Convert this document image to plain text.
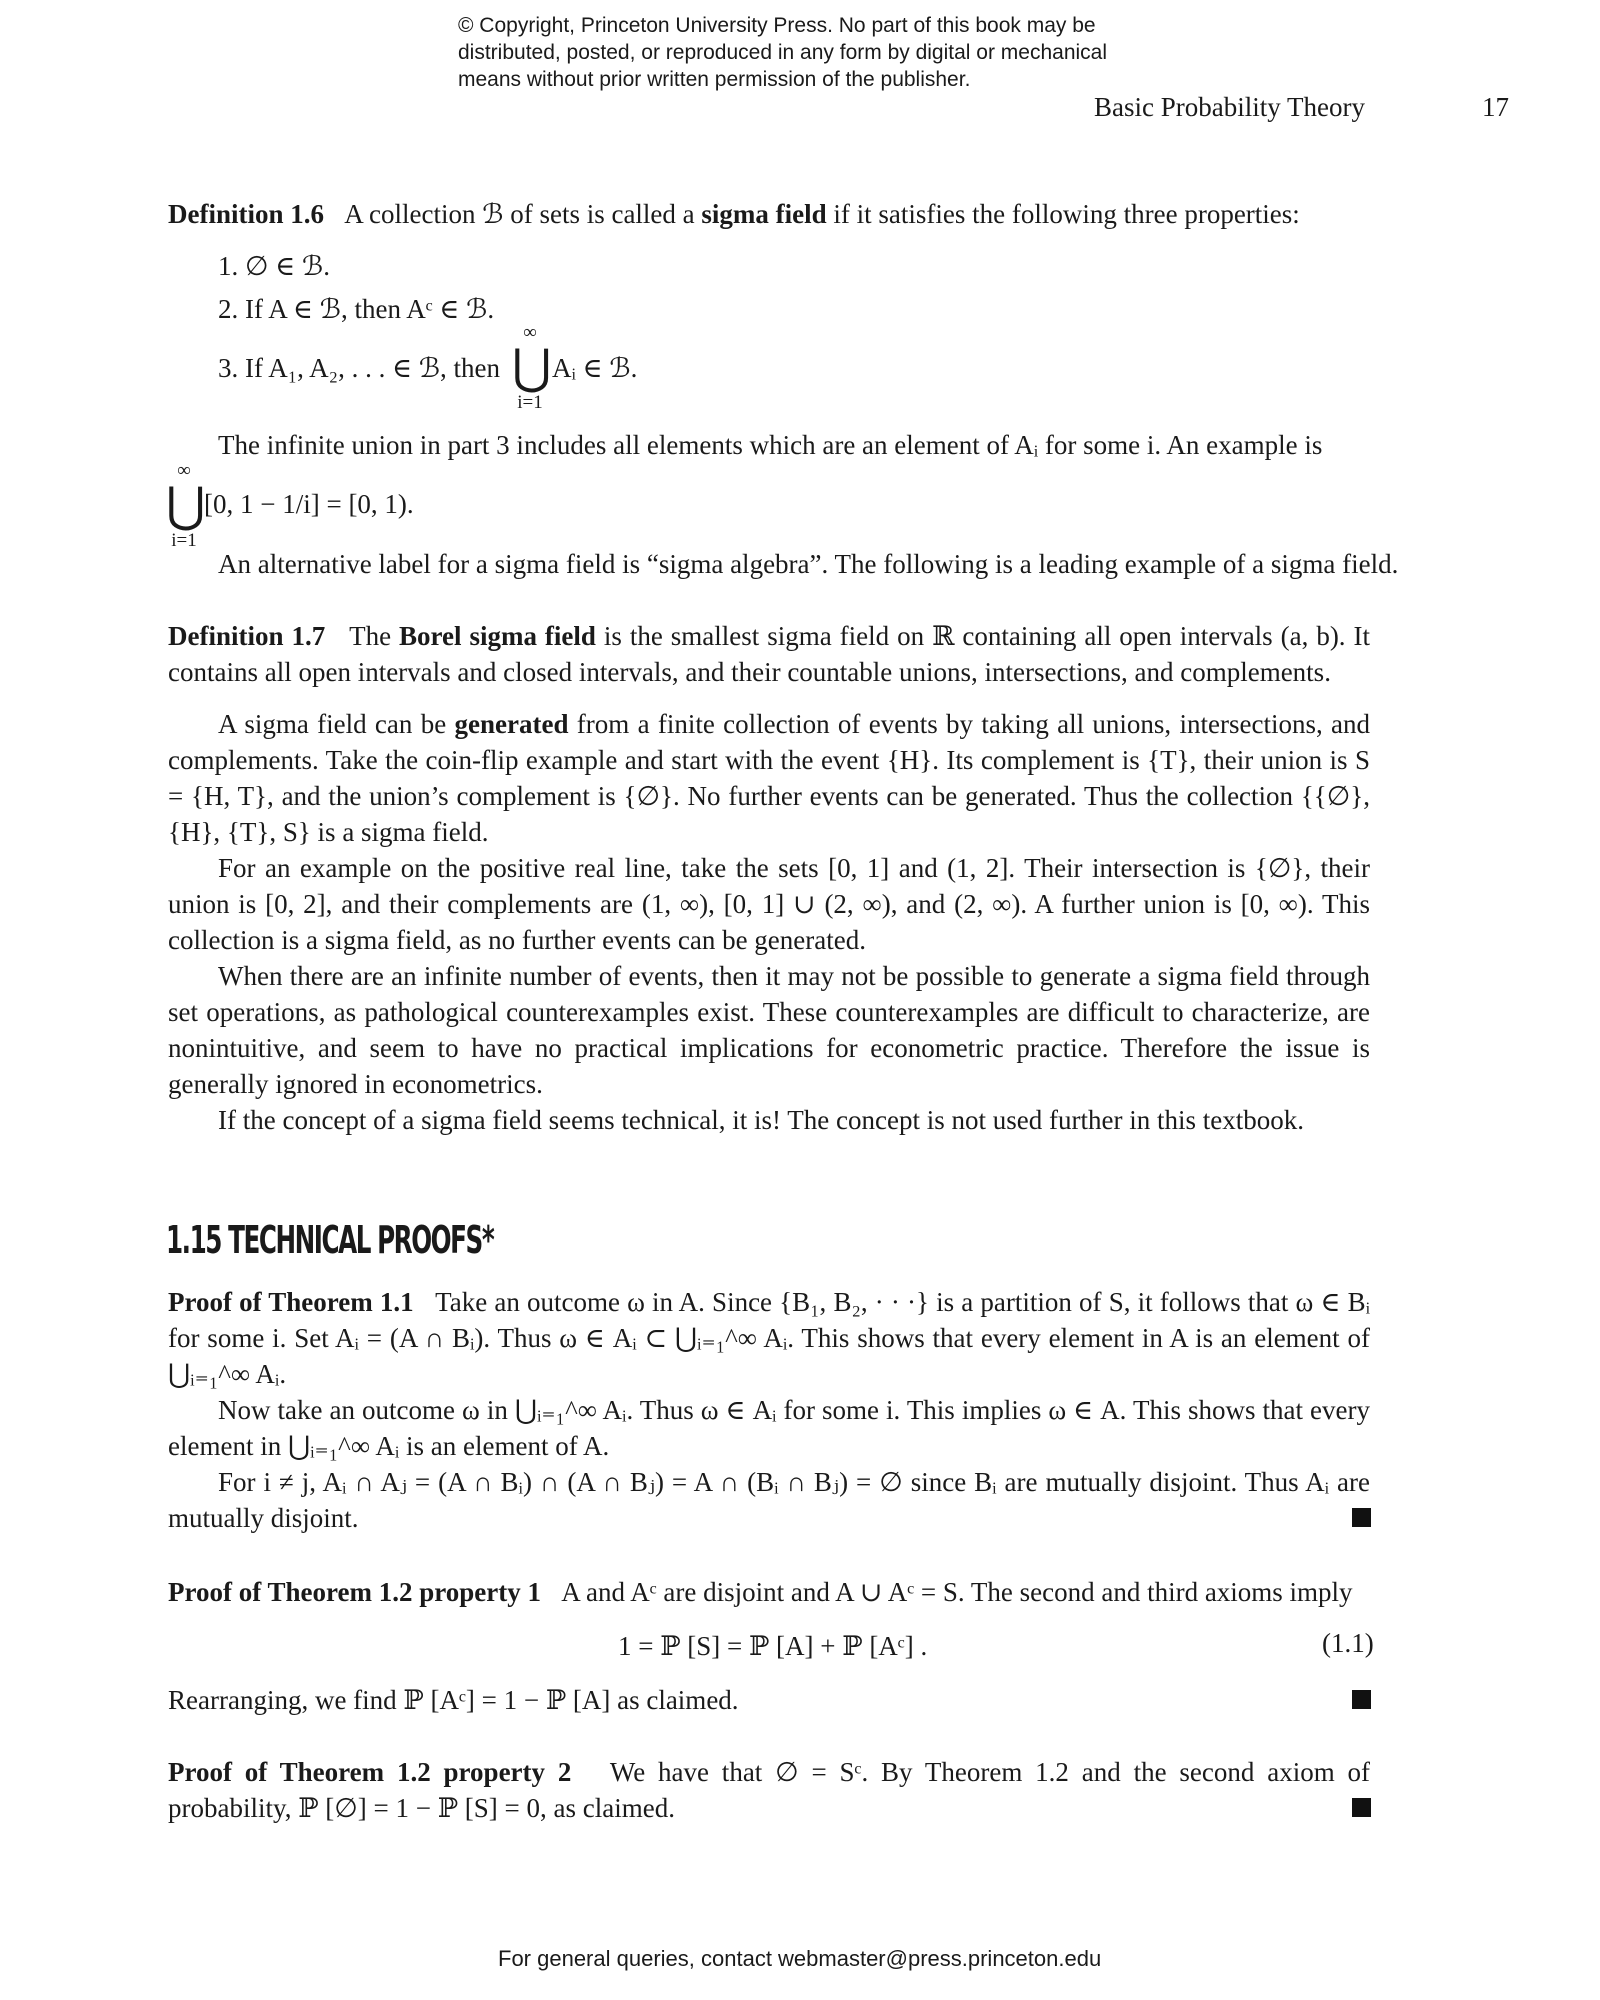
© Copyright, Princeton University Press. No part of this book may be
distributed, posted, or reproduced in any form by digital or mechanical
means without prior written permission of the publisher.
Basic Probability Theory	17
Definition 1.6 A collection ℬ of sets is called a sigma field if it satisfies the following three properties:
1. ∅ ∈ ℬ.
2. If A ∈ ℬ, then Aᶜ ∈ ℬ.
3. If A₁, A₂, . . . ∈ ℬ, then
∞
⋃
i=1
Aᵢ ∈ ℬ.
The infinite union in part 3 includes all elements which are an element of Aᵢ for some i. An example is
∞
⋃
i=1
[0, 1 − 1/i] = [0, 1).
An alternative label for a sigma field is “sigma algebra”. The following is a leading example of a sigma field.
Definition 1.7 The Borel sigma field is the smallest sigma field on ℝ containing all open intervals (a, b). It contains all open intervals and closed intervals, and their countable unions, intersections, and complements.
A sigma field can be generated from a finite collection of events by taking all unions, intersections, and complements. Take the coin-flip example and start with the event {H}. Its complement is {T}, their union is S = {H, T}, and the union’s complement is {∅}. No further events can be generated. Thus the collection {{∅}, {H}, {T}, S} is a sigma field.
For an example on the positive real line, take the sets [0, 1] and (1, 2]. Their intersection is {∅}, their union is [0, 2], and their complements are (1, ∞), [0, 1] ∪ (2, ∞), and (2, ∞). A further union is [0, ∞). This collection is a sigma field, as no further events can be generated.
When there are an infinite number of events, then it may not be possible to generate a sigma field through set operations, as pathological counterexamples exist. These counterexamples are difficult to characterize, are nonintuitive, and seem to have no practical implications for econometric practice. Therefore the issue is generally ignored in econometrics.
If the concept of a sigma field seems technical, it is! The concept is not used further in this textbook.
1.15 TECHNICAL PROOFS*
Proof of Theorem 1.1 Take an outcome ω in A. Since {B₁, B₂, · · ·} is a partition of S, it follows that ω ∈ Bᵢ for some i. Set Aᵢ = (A ∩ Bᵢ). Thus ω ∈ Aᵢ ⊂ ⋃ᵢ₌₁^∞ Aᵢ. This shows that every element in A is an element of ⋃ᵢ₌₁^∞ Aᵢ.
Now take an outcome ω in ⋃ᵢ₌₁^∞ Aᵢ. Thus ω ∈ Aᵢ for some i. This implies ω ∈ A. This shows that every element in ⋃ᵢ₌₁^∞ Aᵢ is an element of A.
For i ≠ j, Aᵢ ∩ Aⱼ = (A ∩ Bᵢ) ∩ (A ∩ Bⱼ) = A ∩ (Bᵢ ∩ Bⱼ) = ∅ since Bᵢ are mutually disjoint. Thus Aᵢ are mutually disjoint.
Proof of Theorem 1.2 property 1 A and Aᶜ are disjoint and A ∪ Aᶜ = S. The second and third axioms imply
1 = ℙ [S] = ℙ [A] + ℙ [Aᶜ] .	(1.1)
Rearranging, we find ℙ [Aᶜ] = 1 − ℙ [A] as claimed.
Proof of Theorem 1.2 property 2 We have that ∅ = Sᶜ. By Theorem 1.2 and the second axiom of probability, ℙ [∅] = 1 − ℙ [S] = 0, as claimed.
For general queries, contact webmaster@press.princeton.edu
